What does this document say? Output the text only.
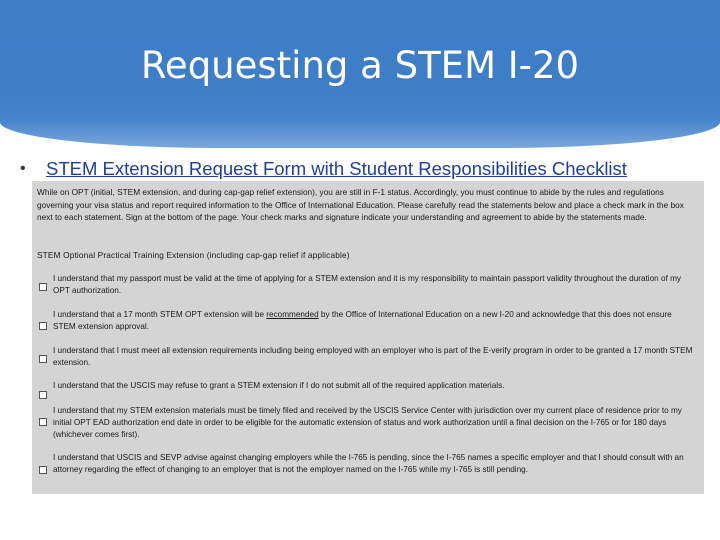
Requesting a STEM I-20
•	STEM Extension Request Form with Student Responsibilities Checklist

While on OPT (initial, STEM extension, and during cap-gap relief extension), you are still in F-1 status. Accordingly, you must continue to abide by the rules and regulations governing your visa status and report required information to the Office of International Education. Please carefully read the statements below and place a check mark in the box next to each statement. Sign at the bottom of the page. Your check marks and signature indicate your understanding and agreement to abide by the statements made.

STEM Optional Practical Training Extension (including cap-gap relief if applicable)

I understand that my passport must be valid at the time of applying for a STEM extension and it is my responsibility to maintain passport validity throughout the duration of my OPT authorization.

I understand that a 17 month STEM OPT extension will be recommended by the Office of International Education on a new I-20 and acknowledge that this does not ensure STEM extension approval.

I understand that I must meet all extension requirements including being employed with an employer who is part of the E-verify program in order to be granted a 17 month STEM extension.

I understand that the USCIS may refuse to grant a STEM extension if I do not submit all of the required application materials.

I understand that my STEM extension materials must be timely filed and received by the USCIS Service Center with jurisdiction over my current place of residence prior to my initial OPT EAD authorization end date in order to be eligible for the automatic extension of status and work authorization until a final decision on the I-765 or for 180 days (whichever comes first).

I understand that USCIS and SEVP advise against changing employers while the I-765 is pending, since the I-765 names a specific employer and that I should consult with an attorney regarding the effect of changing to an employer that is not the employer named on the I-765 while my I-765 is still pending.
